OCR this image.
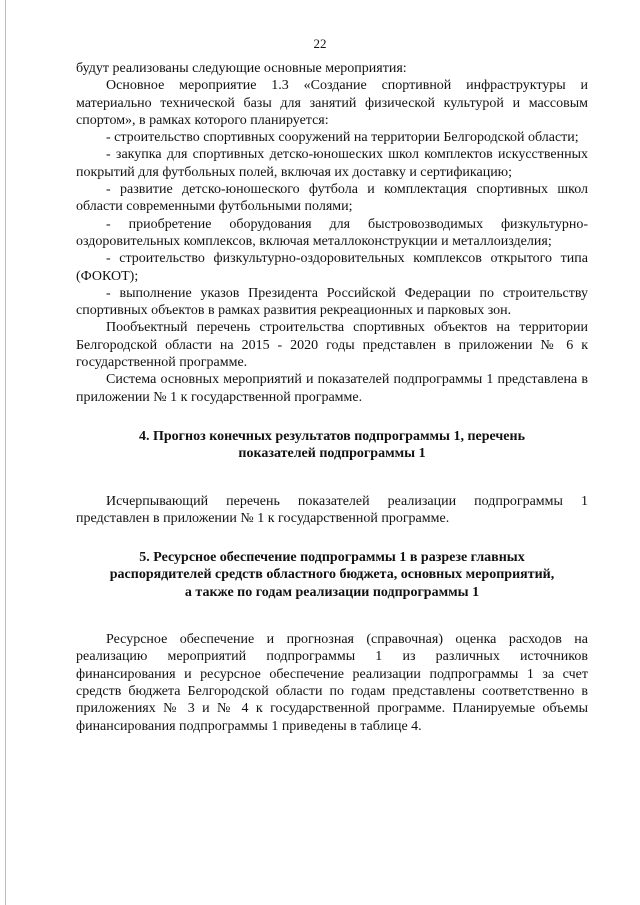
22

будут реализованы следующие основные мероприятия:

Основное мероприятие 1.3 «Создание спортивной инфраструктуры и материально технической базы для занятий физической культурой и массовым спортом», в рамках которого планируется:

- строительство спортивных сооружений на территории Белгородской области;

- закупка для спортивных детско-юношеских школ комплектов искусственных покрытий для футбольных полей, включая их доставку и сертификацию;

- развитие детско-юношеского футбола и комплектация спортивных школ области современными футбольными полями;

- приобретение оборудования для быстровозводимых физкультурно-оздоровительных комплексов, включая металлоконструкции и металлоизделия;

- строительство физкультурно-оздоровительных комплексов открытого типа (ФОКОТ);

- выполнение указов Президента Российской Федерации по строительству спортивных объектов в рамках развития рекреационных и парковых зон.

Пообъектный перечень строительства спортивных объектов на территории Белгородской области на 2015 - 2020 годы представлен в приложении № 6 к государственной программе.

Система основных мероприятий и показателей подпрограммы 1 представлена в приложении № 1 к государственной программе.

4. Прогноз конечных результатов подпрограммы 1, перечень
показателей подпрограммы 1

Исчерпывающий перечень показателей реализации подпрограммы 1 представлен в приложении № 1 к государственной программе.

5. Ресурсное обеспечение подпрограммы 1 в разрезе главных
распорядителей средств областного бюджета, основных мероприятий,
а также по годам реализации подпрограммы 1

Ресурсное обеспечение и прогнозная (справочная) оценка расходов на реализацию мероприятий подпрограммы 1 из различных источников финансирования и ресурсное обеспечение реализации подпрограммы 1 за счет средств бюджета Белгородской области по годам представлены соответственно в приложениях № 3 и № 4 к государственной программе. Планируемые объемы финансирования подпрограммы 1 приведены в таблице 4.
